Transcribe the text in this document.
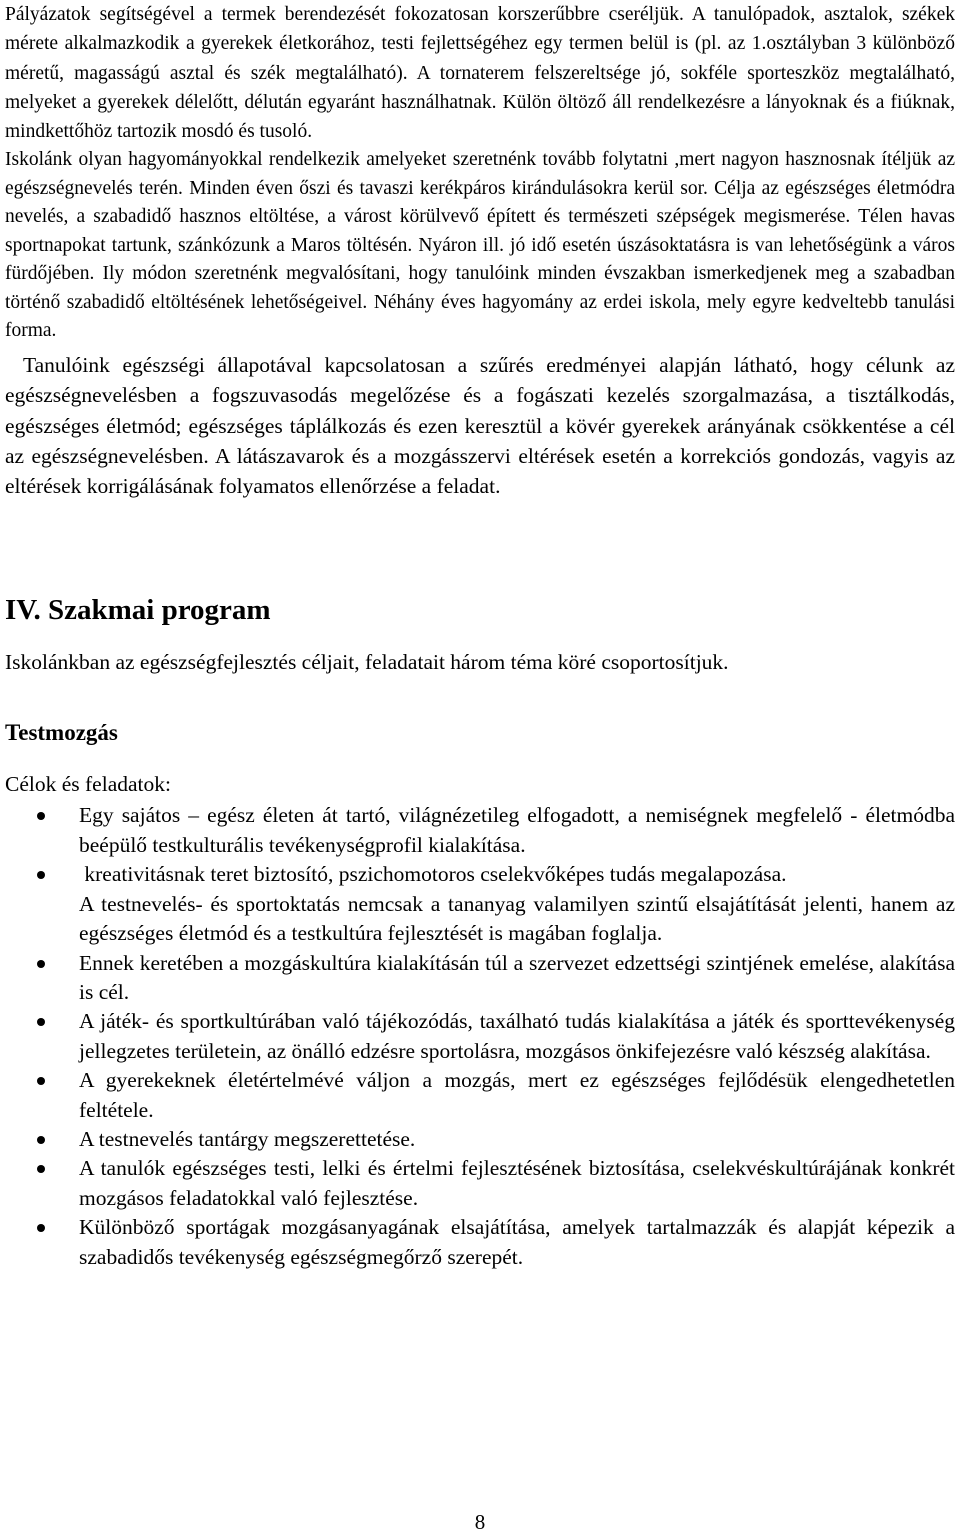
Pályázatok segítségével a termek berendezését fokozatosan korszerűbbre cseréljük. A tanulópadok, asztalok, székek mérete alkalmazkodik a gyerekek életkorához, testi fejlettségéhez egy termen belül is (pl. az 1.osztályban 3 különböző méretű, magasságú asztal és szék megtalálható). A tornaterem felszereltsége jó, sokféle sporteszköz megtalálható, melyeket a gyerekek délelőtt, délután egyaránt használhatnak. Külön öltöző áll rendelkezésre a lányoknak és a fiúknak, mindkettőhöz tartozik mosdó és tusoló.

Iskolánk olyan hagyományokkal rendelkezik amelyeket szeretnénk tovább folytatni ,mert nagyon hasznosnak ítéljük az egészségnevelés terén. Minden éven őszi és tavaszi kerékpáros kirándulásokra kerül sor. Célja az egészséges életmódra nevelés, a szabadidő hasznos eltöltése, a várost körülvevő épített és természeti szépségek megismerése. Télen havas sportnapokat tartunk, szánkózunk a Maros töltésén. Nyáron ill. jó idő esetén úszásoktatásra is van lehetőségünk a város fürdőjében. Ily módon szeretnénk megvalósítani, hogy tanulóink minden évszakban ismerkedjenek meg a szabadban történő szabadidő eltöltésének lehetőségeivel. Néhány éves hagyomány az erdei iskola, mely egyre kedveltebb tanulási forma.

Tanulóink egészségi állapotával kapcsolatosan a szűrés eredményei alapján látható, hogy célunk az egészségnevelésben a fogszuvasodás megelőzése és a fogászati kezelés szorgalmazása, a tisztálkodás, egészséges életmód; egészséges táplálkozás és ezen keresztül a kövér gyerekek arányának csökkentése a cél az egészségnevelésben. A látászavarok és a mozgásszervi eltérések esetén a korrekciós gondozás, vagyis az eltérések korrigálásának folyamatos ellenőrzése a feladat.

IV. Szakmai program

Iskolánkban az egészségfejlesztés céljait, feladatait három téma köré csoportosítjuk.

Testmozgás

Célok és feladatok:

Egy sajátos – egész életen át tartó, világnézetileg elfogadott, a nemiségnek megfelelő - életmódba beépülő testkulturális tevékenységprofil kialakítása.
kreativitásnak teret biztosító, pszichomotoros cselekvőképes tudás megalapozása.
A testnevelés- és sportoktatás nemcsak a tananyag valamilyen szintű elsajátítását jelenti, hanem az egészséges életmód és a testkultúra fejlesztését is magában foglalja.
Ennek keretében a mozgáskultúra kialakításán túl a szervezet edzettségi szintjének emelése, alakítása is cél.
A játék- és sportkultúrában való tájékozódás, taxálható tudás kialakítása a játék és sporttevékenység jellegzetes területein, az önálló edzésre sportolásra, mozgásos önkifejezésre való készség alakítása.
A gyerekeknek életértelmévé váljon a mozgás, mert ez egészséges fejlődésük elengedhetetlen feltétele.
A testnevelés tantárgy megszerettetése.
A tanulók egészséges testi, lelki és értelmi fejlesztésének biztosítása, cselekvéskultúrájának konkrét mozgásos feladatokkal való fejlesztése.
Különböző sportágak mozgásanyagának elsajátítása, amelyek tartalmazzák és alapját képezik a szabadidős tevékenység egészségmegőrző szerepét.
8
